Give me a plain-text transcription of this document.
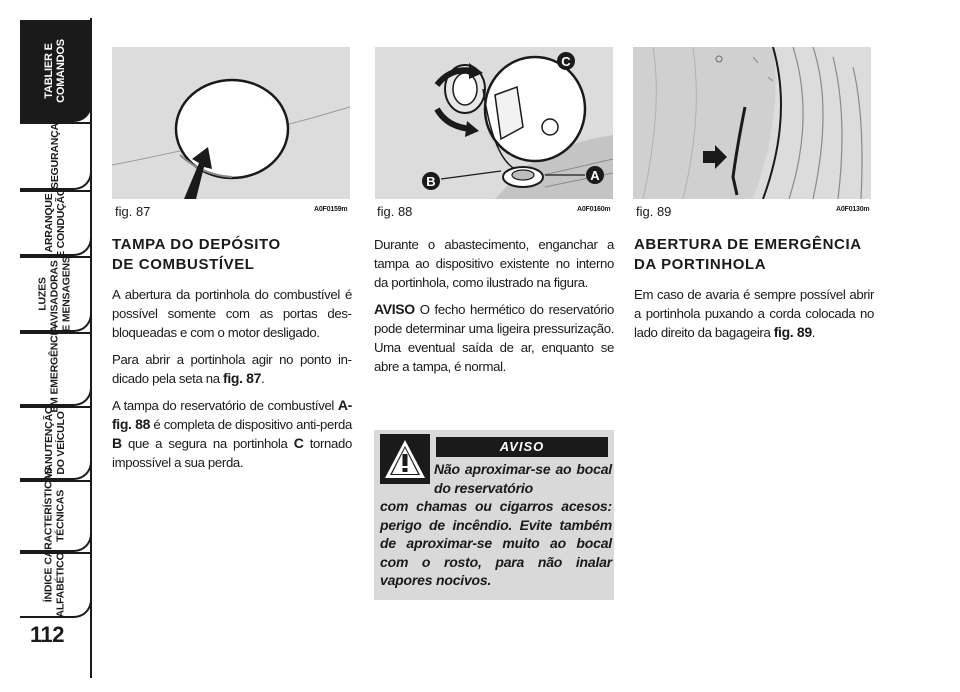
TABLIER E
COMANDOS
SEGURANÇA
ARRANQUE
E CONDUÇÃO
LUZES
AVISADORAS
E MENSAGENS
EM EMERGÊNCIA
MANUTENÇÃO
DO VEÍCULO
CARACTERÍSTICAS
TÉCNICAS
ÍNDICE
ALFABÉTICO
112
fig. 87	A0F0159m
C
B	A
fig. 88	A0F0160m fig. 89	A0F0130m
TAMPA DO DEPÓSITO
DE COMBUSTÍVEL

A abertura da portinhola do combustível é possível somente com as portas desbloqueadas e com o motor desligado.

Para abrir a portinhola agir no ponto indicado pela seta na fig. 87.

A tampa do reservatório de combustível A-fig. 88 é completa de dispositivo anti-perda B que a segura na portinhola C tornado impossível a sua perda.

Durante o abastecimento, enganchar a tampa ao dispositivo existente no interno da portinhola, como ilustrado na figura.

AVISO O fecho hermético do reservatório pode determinar uma ligeira pressurização. Uma eventual saída de ar, enquanto se abre a tampa, é normal.

AVISO
Não aproximar-se ao bocal do reservatório
com chamas ou cigarros acesos: perigo de incêndio. Evite também de aproximar-se muito ao bocal com o rosto, para não inalar vapores nocivos.
ABERTURA DE EMERGÊNCIA
DA PORTINHOLA

Em caso de avaria é sempre possível abrir a portinhola puxando a corda colocada no lado direito da bagageira fig. 89.
